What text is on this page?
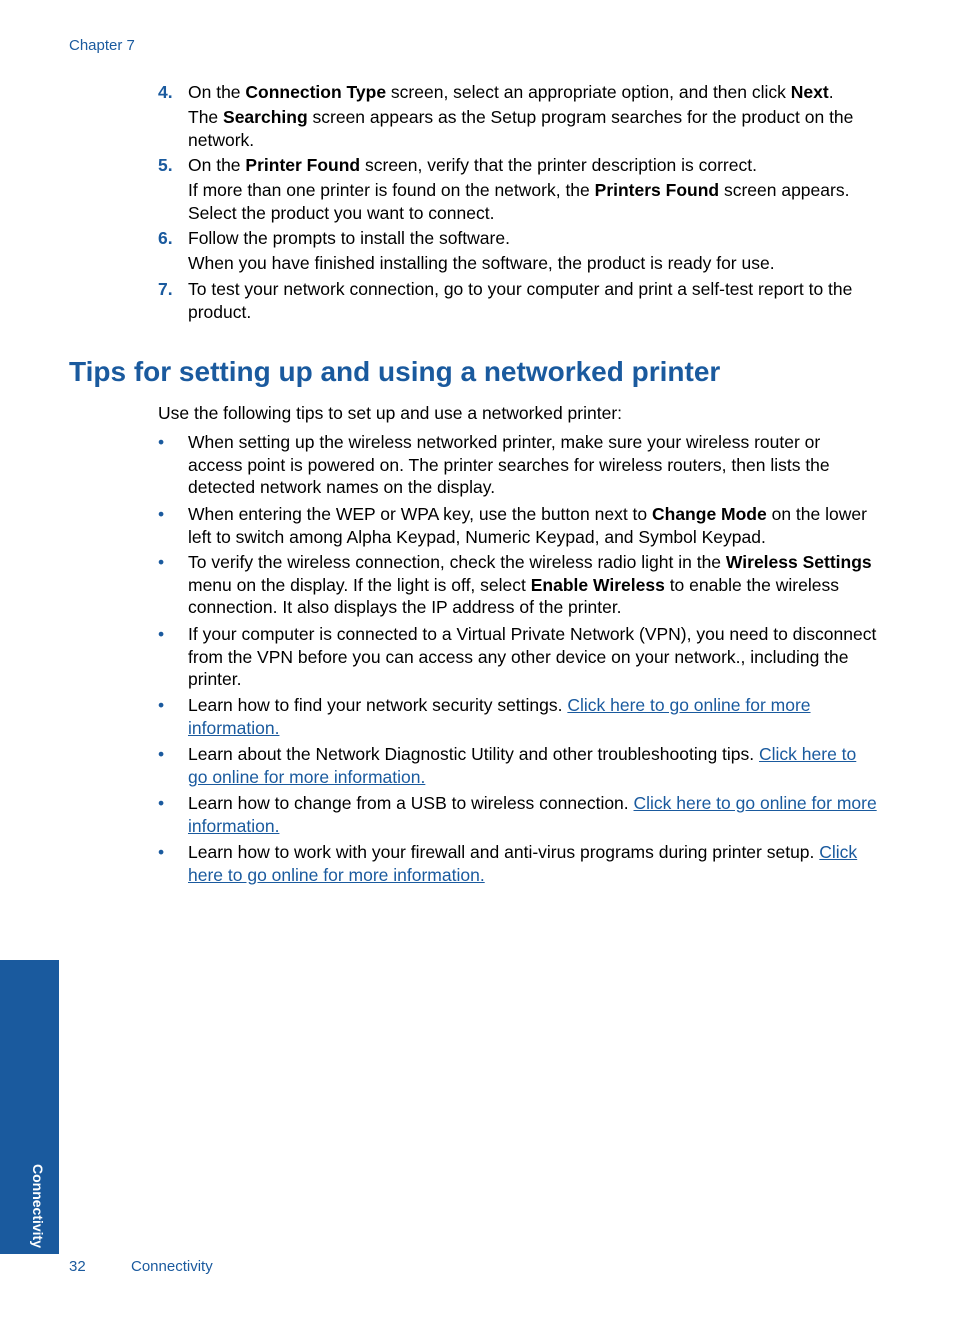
Chapter 7
4. On the Connection Type screen, select an appropriate option, and then click Next.
The Searching screen appears as the Setup program searches for the product on the network.
5. On the Printer Found screen, verify that the printer description is correct.
If more than one printer is found on the network, the Printers Found screen appears. Select the product you want to connect.
6. Follow the prompts to install the software.
When you have finished installing the software, the product is ready for use.
7. To test your network connection, go to your computer and print a self-test report to the product.
Tips for setting up and using a networked printer
Use the following tips to set up and use a networked printer:
• When setting up the wireless networked printer, make sure your wireless router or access point is powered on. The printer searches for wireless routers, then lists the detected network names on the display.
• When entering the WEP or WPA key, use the button next to Change Mode on the lower left to switch among Alpha Keypad, Numeric Keypad, and Symbol Keypad.
• To verify the wireless connection, check the wireless radio light in the Wireless Settings menu on the display. If the light is off, select Enable Wireless to enable the wireless connection. It also displays the IP address of the printer.
• If your computer is connected to a Virtual Private Network (VPN), you need to disconnect from the VPN before you can access any other device on your network., including the printer.
• Learn how to find your network security settings. Click here to go online for more information.
• Learn about the Network Diagnostic Utility and other troubleshooting tips. Click here to go online for more information.
• Learn how to change from a USB to wireless connection. Click here to go online for more information.
• Learn how to work with your firewall and anti-virus programs during printer setup. Click here to go online for more information.
Connectivity
32	Connectivity
